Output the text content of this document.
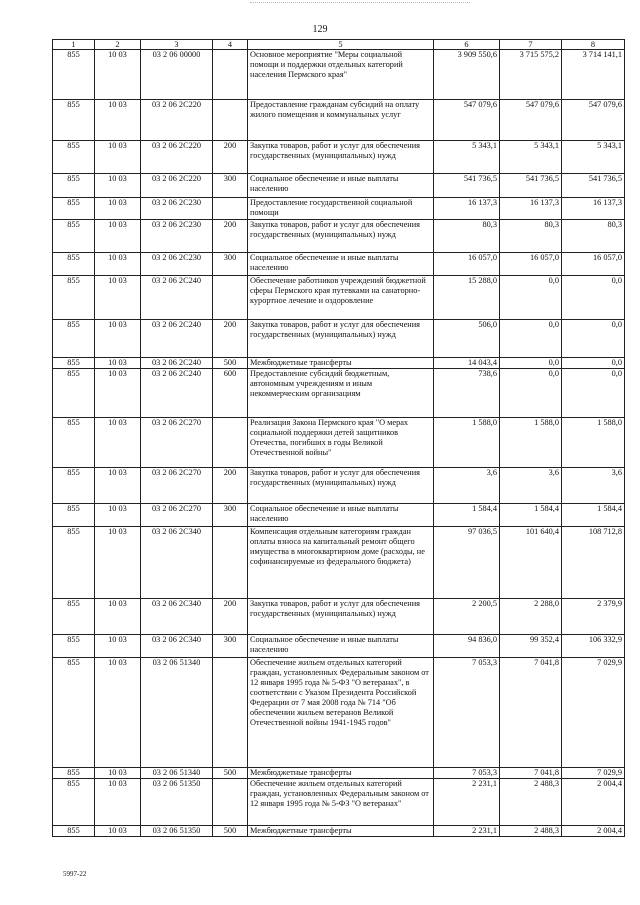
129
1	2	3	4	5	6	7	8
855	10 03	03 2 06 00000		Основное мероприятие "Меры социальной помощи и поддержки отдельных категорий населения Пермского края"	3 909 550,6	3 715 575,2	3 714 141,1
855	10 03	03 2 06 2С220		Предоставление гражданам субсидий на оплату жилого помещения и коммунальных услуг	547 079,6	547 079,6	547 079,6
855	10 03	03 2 06 2С220	200	Закупка товаров, работ и услуг для обеспечения государственных (муниципальных) нужд	5 343,1	5 343,1	5 343,1
855	10 03	03 2 06 2С220	300	Социальное обеспечение и иные выплаты населению	541 736,5	541 736,5	541 736,5
855	10 03	03 2 06 2С230		Предоставление государственной социальной помощи	16 137,3	16 137,3	16 137,3
855	10 03	03 2 06 2С230	200	Закупка товаров, работ и услуг для обеспечения государственных (муниципальных) нужд	80,3	80,3	80,3
855	10 03	03 2 06 2С230	300	Социальное обеспечение и иные выплаты населению	16 057,0	16 057,0	16 057,0
855	10 03	03 2 06 2С240		Обеспечение работников учреждений бюджетной сферы Пермского края путевками на санаторно-курортное лечение и оздоровление	15 288,0	0,0	0,0
855	10 03	03 2 06 2С240	200	Закупка товаров, работ и услуг для обеспечения государственных (муниципальных) нужд	506,0	0,0	0,0
855	10 03	03 2 06 2С240	500	Межбюджетные трансферты	14 043,4	0,0	0,0
855	10 03	03 2 06 2С240	600	Предоставление субсидий бюджетным, автономным учреждениям и иным некоммерческим организациям	738,6	0,0	0,0
855	10 03	03 2 06 2С270		Реализация Закона Пермского края "О мерах социальной поддержки детей защитников Отечества, погибших в годы Великой Отечественной войны"	1 588,0	1 588,0	1 588,0
855	10 03	03 2 06 2С270	200	Закупка товаров, работ и услуг для обеспечения государственных (муниципальных) нужд	3,6	3,6	3,6
855	10 03	03 2 06 2С270	300	Социальное обеспечение и иные выплаты населению	1 584,4	1 584,4	1 584,4
855	10 03	03 2 06 2С340		Компенсация отдельным категориям граждан оплаты взноса на капитальный ремонт общего имущества в многоквартирном доме (расходы, не софинансируемые из федерального бюджета)	97 036,5	101 640,4	108 712,8
855	10 03	03 2 06 2С340	200	Закупка товаров, работ и услуг для обеспечения государственных (муниципальных) нужд	2 200,5	2 288,0	2 379,9
855	10 03	03 2 06 2С340	300	Социальное обеспечение и иные выплаты населению	94 836,0	99 352,4	106 332,9
855	10 03	03 2 06 51340		Обеспечение жильем отдельных категорий граждан, установленных Федеральным законом от 12 января 1995 года № 5-ФЗ "О ветеранах", в соответствии с Указом Президента Российской Федерации от 7 мая 2008 года № 714 "Об обеспечении жильем ветеранов Великой Отечественной войны 1941-1945 годов"	7 053,3	7 041,8	7 029,9
855	10 03	03 2 06 51340	500	Межбюджетные трансферты	7 053,3	7 041,8	7 029,9
855	10 03	03 2 06 51350		Обеспечение жильем отдельных категорий граждан, установленных Федеральным законом от 12 января 1995 года № 5-ФЗ "О ветеранах"	2 231,1	2 488,3	2 004,4
855	10 03	03 2 06 51350	500	Межбюджетные трансферты	2 231,1	2 488,3	2 004,4
5997-22
